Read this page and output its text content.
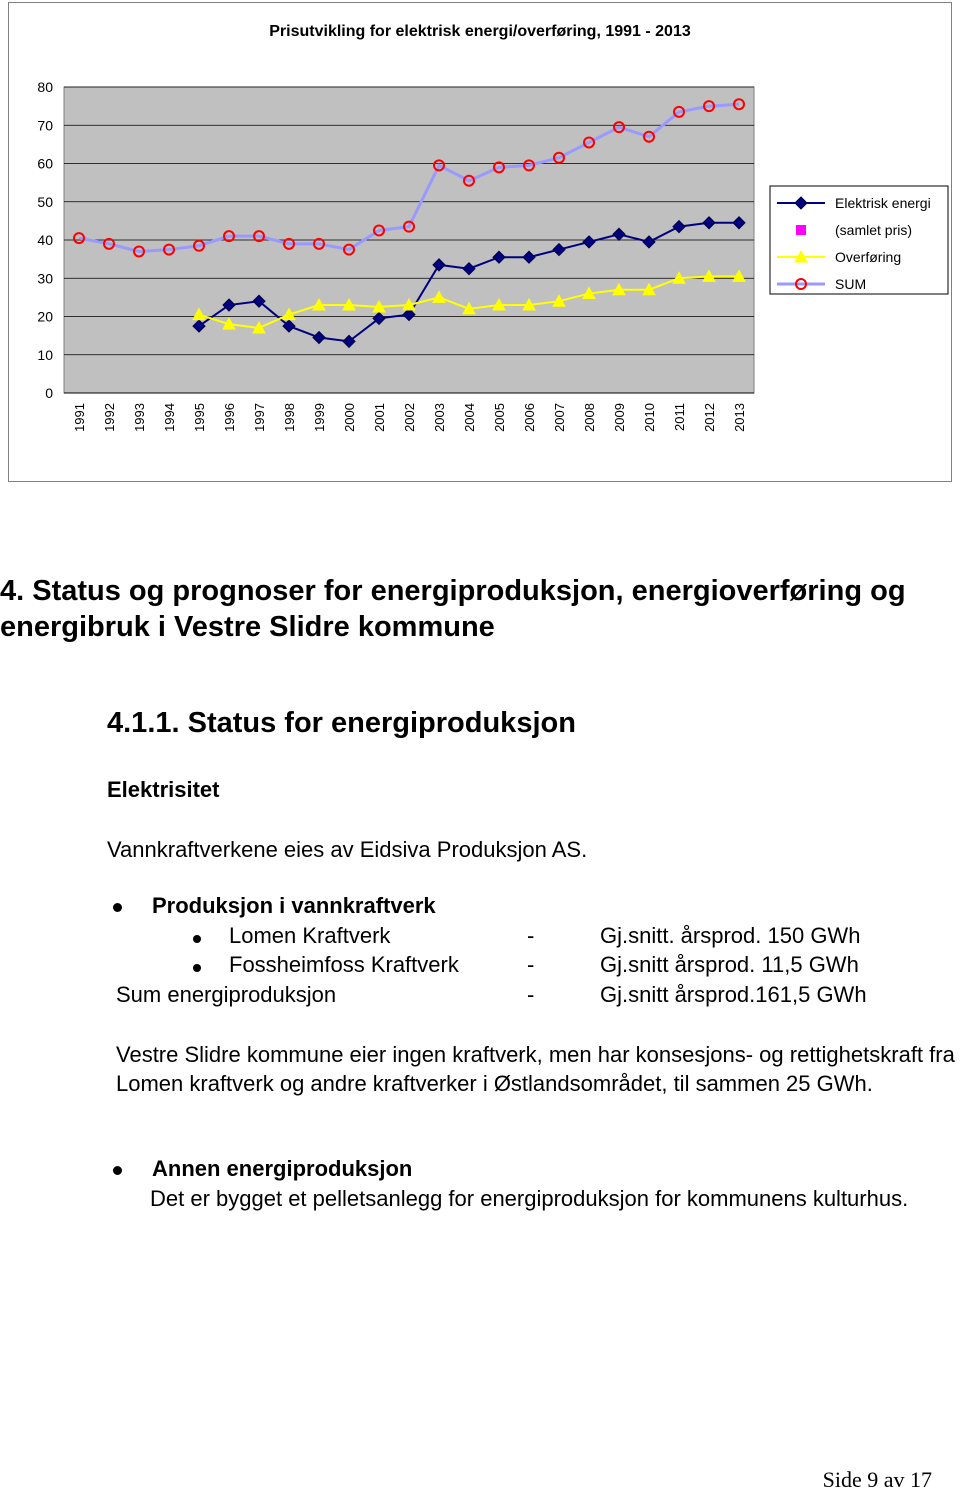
Prisutvikling for elektrisk energi/overføring, 1991 - 2013
0
10
20
30
40
50
60
70
80
1991 1992 1993 1994 1995 1996 1997 1998 1999 2000 2001 2002 2003 2004 2005 2006 2007 2008 2009 2010 2011 2012 2013
Elektrisk energi
(samlet pris)
Overføring
SUM
4. Status og prognoser for energiproduksjon, energioverføring og energibruk i Vestre Slidre kommune
4.1.1. Status for energiproduksjon
Elektrisitet

Vannkraftverkene eies av Eidsiva Produksjon AS.

Produksjon i vannkraftverk
Lomen Kraftverk	-	Gj.snitt. årsprod. 150 GWh
Fossheimfoss Kraftverk	-	Gj.snitt årsprod. 11,5 GWh
Sum energiproduksjon	-	Gj.snitt årsprod.161,5 GWh

Vestre Slidre kommune eier ingen kraftverk, men har konsesjons- og rettighetskraft fra Lomen kraftverk og andre kraftverker i Østlandsområdet, til sammen 25 GWh.

Annen energiproduksjon

Det er bygget et pelletsanlegg for energiproduksjon for kommunens kulturhus.

Side 9 av 17
